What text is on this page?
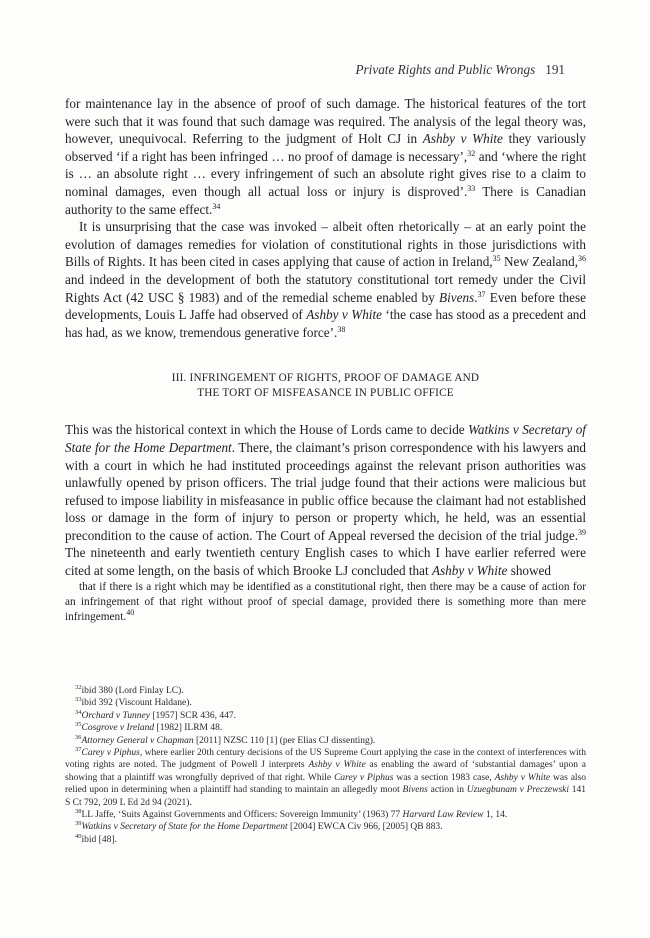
Private Rights and Public Wrongs 191

for maintenance lay in the absence of proof of such damage. The historical features of the tort were such that it was found that such damage was required. The analysis of the legal theory was, however, unequivocal. Referring to the judgment of Holt CJ in Ashby v White they variously observed ‘if a right has been infringed … no proof of damage is necessary’,$^{32}$ and ‘where the right is … an absolute right … every infringement of such an absolute right gives rise to a claim to nominal damages, even though all actual loss or injury is disproved’.$^{33}$ There is Canadian authority to the same effect.$^{34}$

It is unsurprising that the case was invoked – albeit often rhetorically – at an early point the evolution of damages remedies for violation of constitutional rights in those jurisdictions with Bills of Rights. It has been cited in cases applying that cause of action in Ireland,$^{35}$ New Zealand,$^{36}$ and indeed in the development of both the statutory constitutional tort remedy under the Civil Rights Act (42 USC § 1983) and of the remedial scheme enabled by Bivens.$^{37}$ Even before these developments, Louis L Jaffe had observed of Ashby v White ‘the case has stood as a precedent and has had, as we know, tremendous generative force’.$^{38}$

III. INFRINGEMENT OF RIGHTS, PROOF OF DAMAGE AND
THE TORT OF MISFEASANCE IN PUBLIC OFFICE

This was the historical context in which the House of Lords came to decide Watkins v Secretary of State for the Home Department. There, the claimant’s prison correspondence with his lawyers and with a court in which he had instituted proceedings against the relevant prison authorities was unlawfully opened by prison officers. The trial judge found that their actions were malicious but refused to impose liability in misfeasance in public office because the claimant had not established loss or damage in the form of injury to person or property which, he held, was an essential precondition to the cause of action. The Court of Appeal reversed the decision of the trial judge.$^{39}$ The nineteenth and early twentieth century English cases to which I have earlier referred were cited at some length, on the basis of which Brooke LJ concluded that Ashby v White showed

that if there is a right which may be identified as a constitutional right, then there may be a cause of action for an infringement of that right without proof of special damage, provided there is something more than mere infringement.$^{40}$

$^{32}$ibid 380 (Lord Finlay LC).
$^{33}$ibid 392 (Viscount Haldane).
$^{34}$Orchard v Tunney [1957] SCR 436, 447.
$^{35}$Cosgrove v Ireland [1982] ILRM 48.
$^{36}$Attorney General v Chapman [2011] NZSC 110 [1] (per Elias CJ dissenting).
$^{37}$Carey v Piphus, where earlier 20th century decisions of the US Supreme Court applying the case in the context of interferences with voting rights are noted. The judgment of Powell J interprets Ashby v White as enabling the award of ‘substantial damages’ upon a showing that a plaintiff was wrongfully deprived of that right. While Carey v Piphus was a section 1983 case, Ashby v White was also relied upon in determining when a plaintiff had standing to maintain an allegedly moot Bivens action in Uzuegbunam v Preczewski 141 S Ct 792, 209 L Ed 2d 94 (2021).
$^{38}$LL Jaffe, ‘Suits Against Governments and Officers: Sovereign Immunity’ (1963) 77 Harvard Law Review 1, 14.
$^{39}$Watkins v Secretary of State for the Home Department [2004] EWCA Civ 966, [2005] QB 883.
$^{40}$ibid [48].
